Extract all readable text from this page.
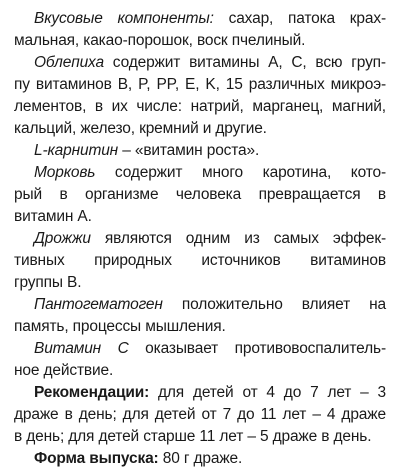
Вкусовые компоненты: сахар, патока крах-
мальная, какао-порошок, воск пчелиный.
Облепиха содержит витамины A, C, всю груп-
пу витаминов B, P, PP, E, K, 15 различных микроэ-
лементов, в их числе: натрий, марганец, магний,
кальций, железо, кремний и другие.
L-карнитин – «витамин роста».
Морковь содержит много каротина, кото-
рый в организме человека превращается в
витамин A.
Дрожжи являются одним из самых эффек-
тивных природных источников витаминов
группы B.
Пантогематоген положительно влияет на
память, процессы мышления.
Витамин C оказывает противовоспалитель-
ное действие.
Рекомендации: для детей от 4 до 7 лет – 3
драже в день; для детей от 7 до 11 лет – 4 драже
в день; для детей старше 11 лет – 5 драже в день.
Форма выпуска: 80 г драже.
